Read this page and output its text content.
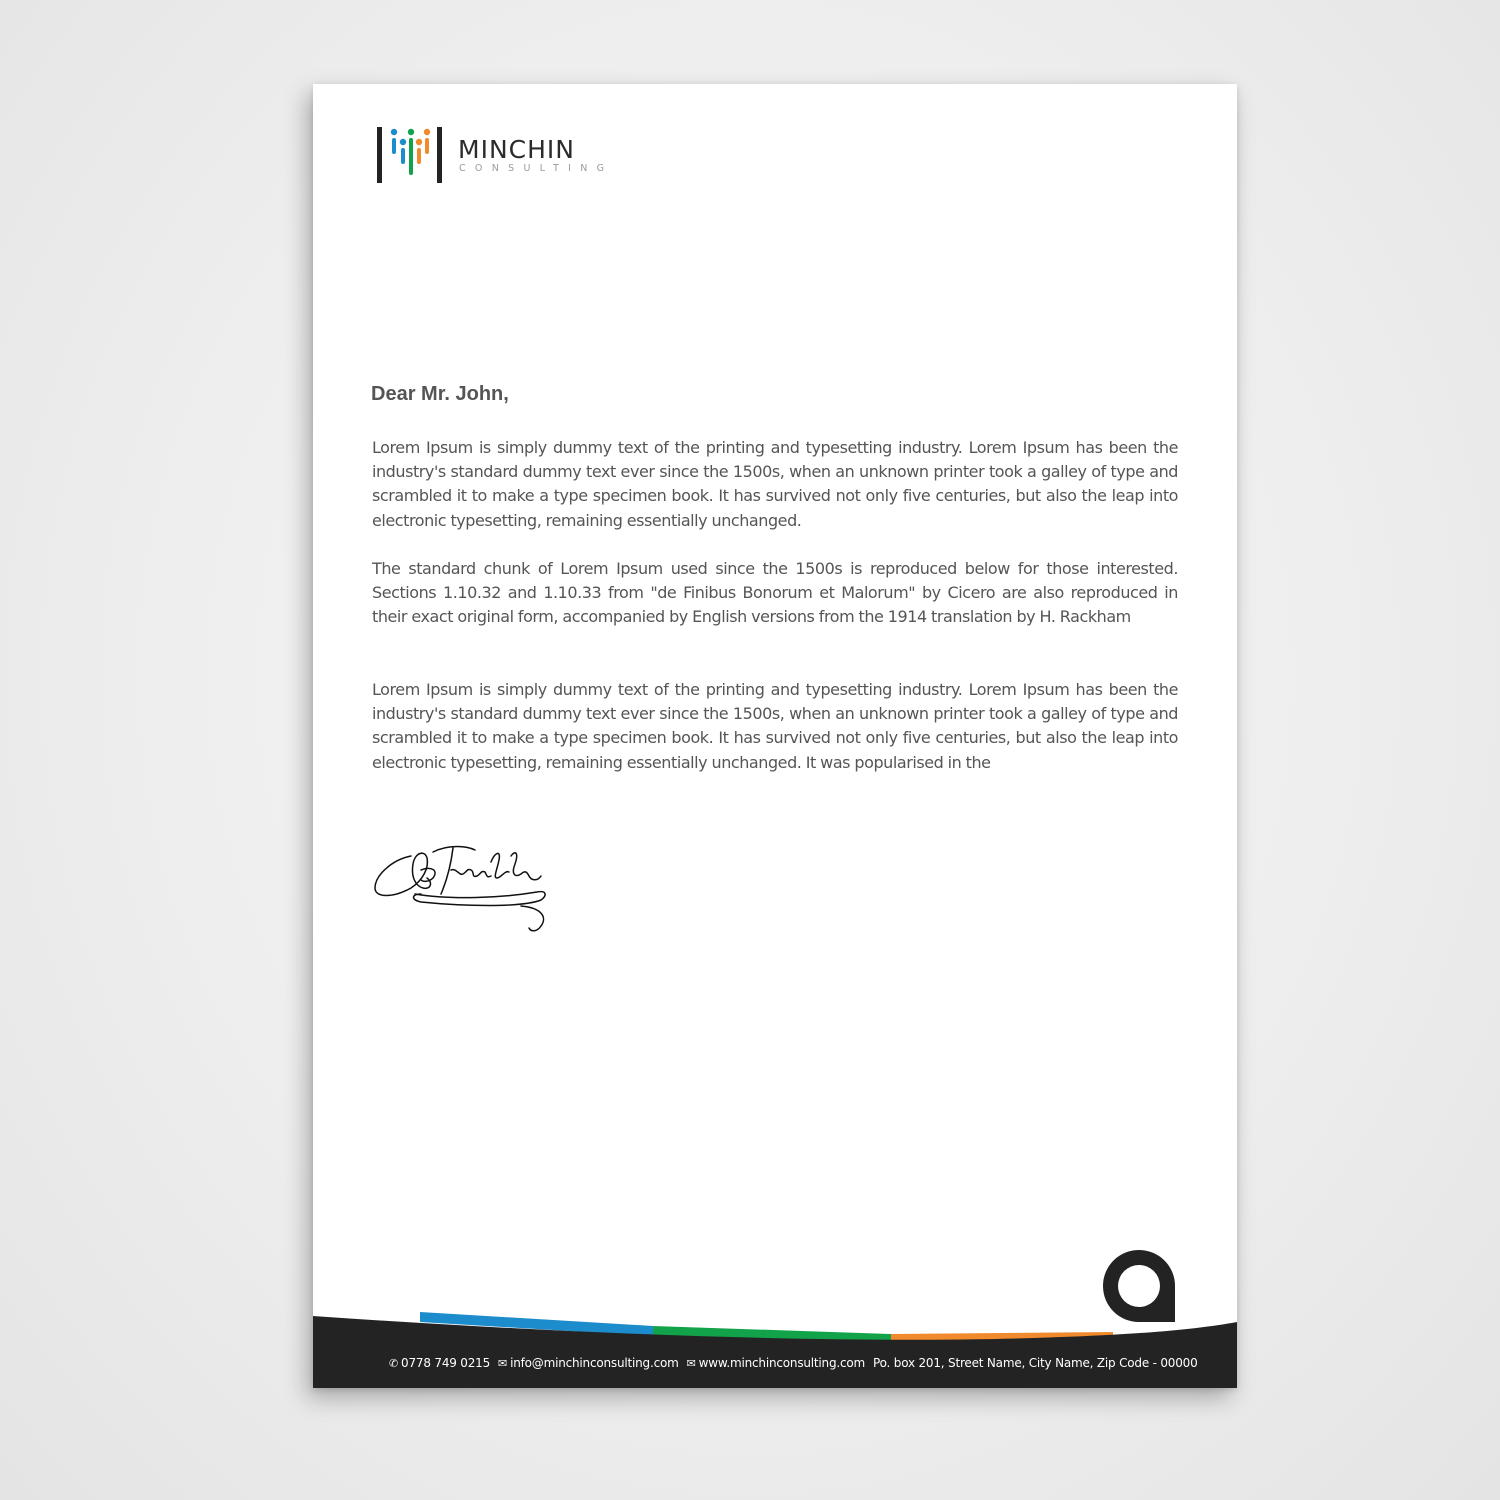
MINCHIN
CONSULTING
Dear Mr. John,

Lorem Ipsum is simply dummy text of the printing and typesetting industry. Lorem Ipsum has been the industry's standard dummy text ever since the 1500s, when an unknown printer took a galley of type and scrambled it to make a type specimen book. It has survived not only five centuries, but also the leap into electronic typesetting, remaining essentially unchanged.

The standard chunk of Lorem Ipsum used since the 1500s is reproduced below for those interested. Sections 1.10.32 and 1.10.33 from "de Finibus Bonorum et Malorum" by Cicero are also reproduced in their exact original form, accompanied by English versions from the 1914 translation by H. Rackham

Lorem Ipsum is simply dummy text of the printing and typesetting industry. Lorem Ipsum has been the industry's standard dummy text ever since the 1500s, when an unknown printer took a galley of type and scrambled it to make a type specimen book. It has survived not only five centuries, but also the leap into electronic typesetting, remaining essentially unchanged. It was popularised in the

✆ 0778 749 0215 ✉ info@minchinconsulting.com ✉ www.minchinconsulting.com Po. box 201, Street Name, City Name, Zip Code - 00000
